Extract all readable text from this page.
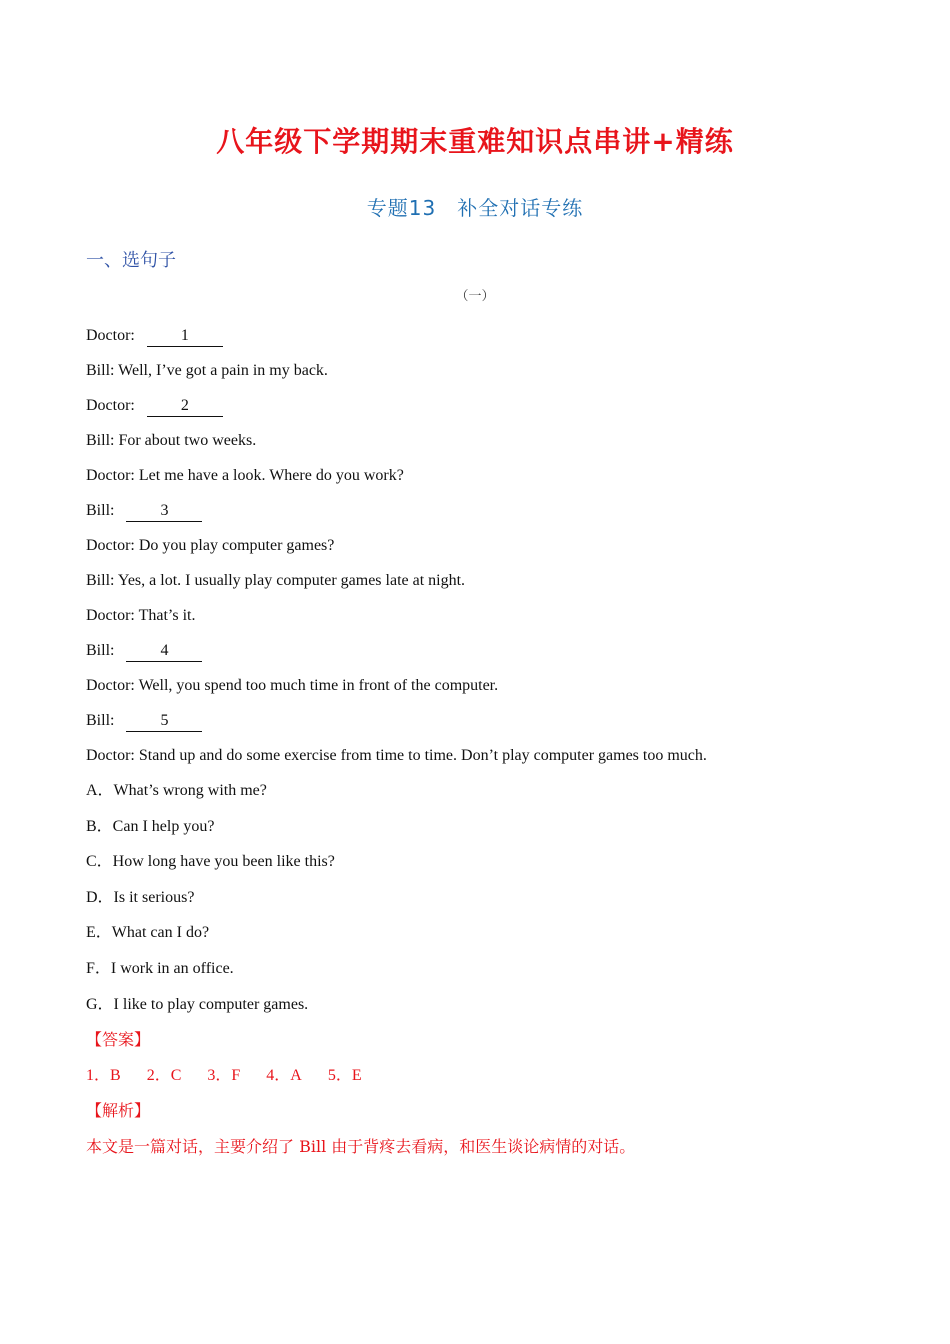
八年级下学期期末重难知识点串讲+精练
专题13　补全对话专练
一、选句子
（一）
Doctor:	1
Bill: Well, I’ve got a pain in my back.
Doctor:	2
Bill: For about two weeks.
Doctor: Let me have a look. Where do you work?
Bill:	3
Doctor: Do you play computer games?
Bill: Yes, a lot. I usually play computer games late at night.
Doctor: That’s it.
Bill:	4
Doctor: Well, you spend too much time in front of the computer.
Bill:	5
Doctor: Stand up and do some exercise from time to time. Don’t play computer games too much.
A．What’s wrong with me?
B．Can I help you?
C．How long have you been like this?
D．Is it serious?
E．What can I do?
F．I work in an office.
G．I like to play computer games.
【答案】
1．B 2．C 3．F 4．A 5．E
【解析】
本文是一篇对话，主要介绍了 Bill 由于背疼去看病，和医生谈论病情的对话。
